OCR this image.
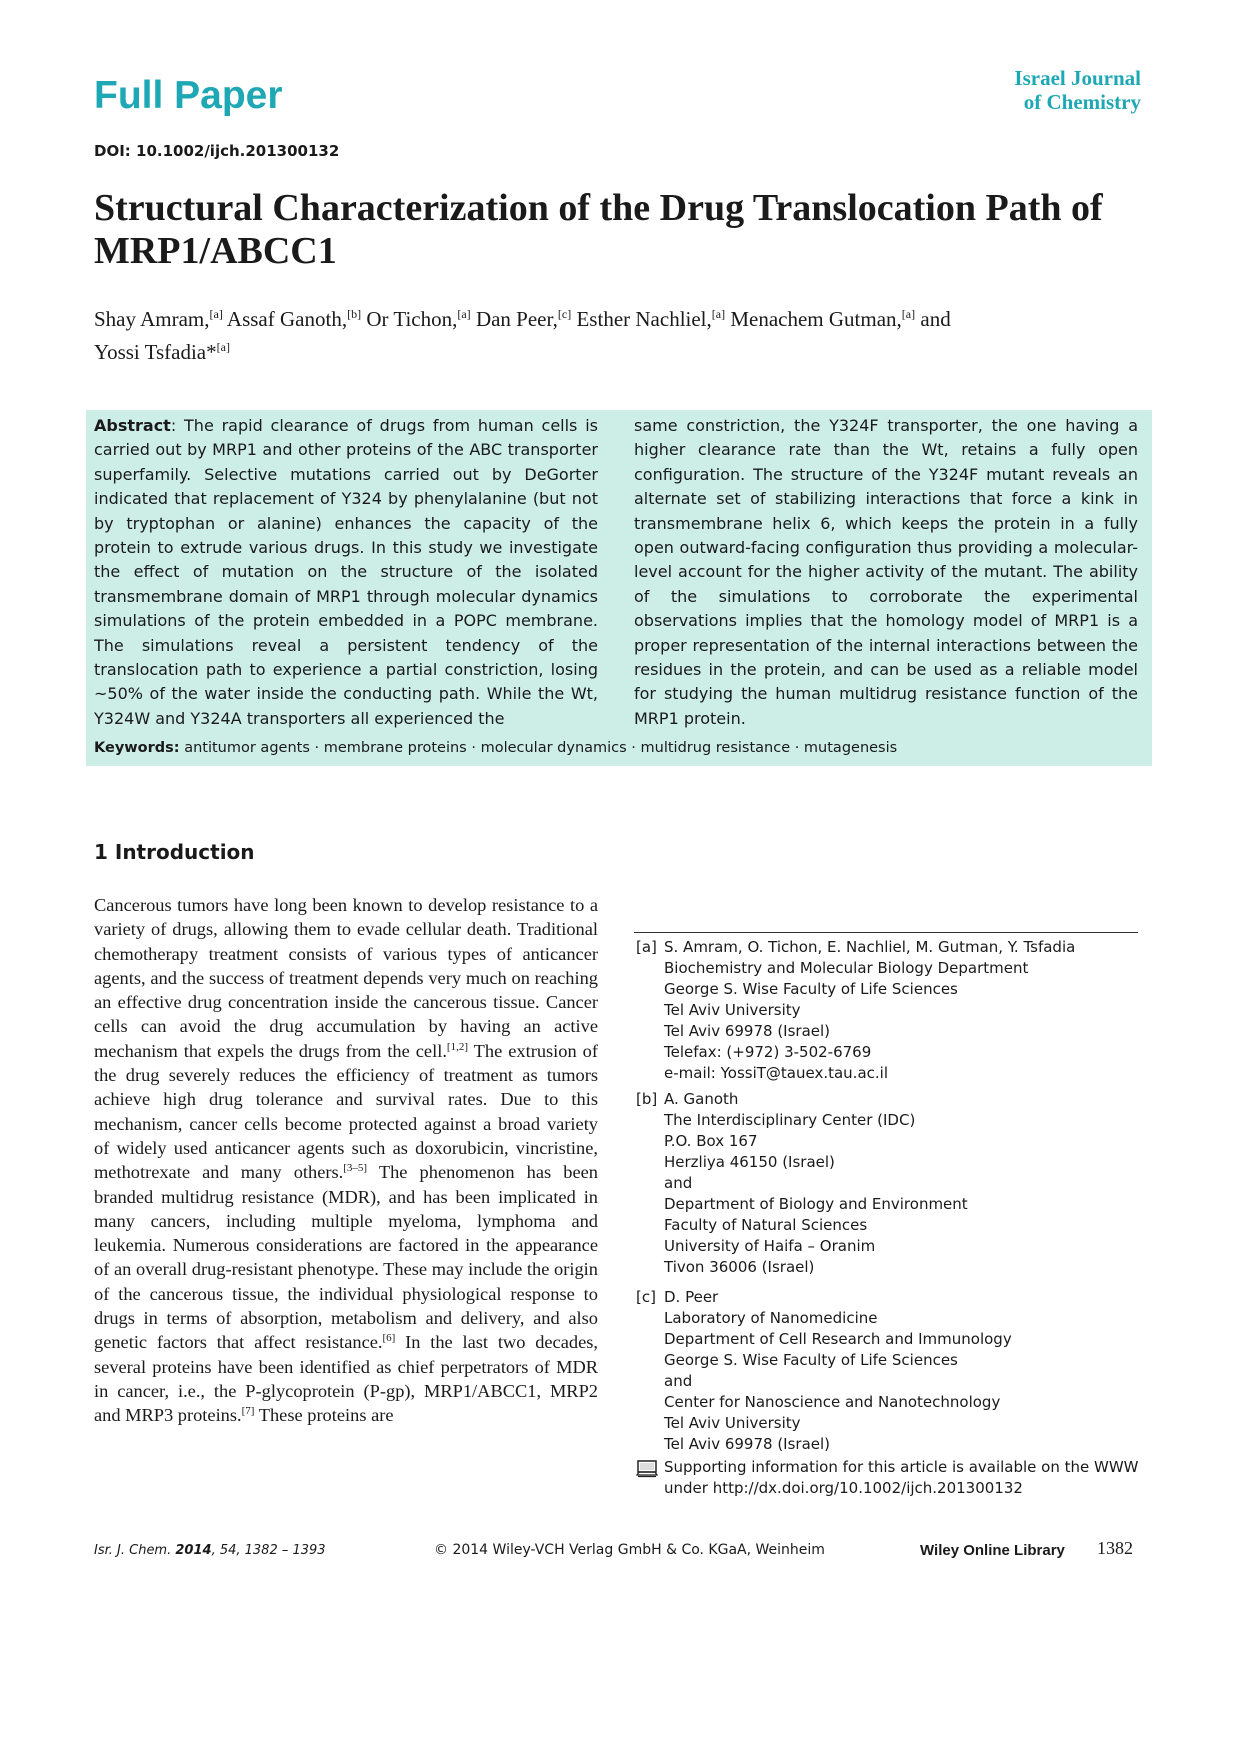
Full Paper	Israel Journal
of Chemistry
DOI: 10.1002/ijch.201300132
Structural Characterization of the Drug Translocation Path of MRP1/ABCC1
Shay Amram,[a] Assaf Ganoth,[b] Or Tichon,[a] Dan Peer,[c] Esther Nachliel,[a] Menachem Gutman,[a] and
Yossi Tsfadia*[a]
Abstract: The rapid clearance of drugs from human cells is carried out by MRP1 and other proteins of the ABC transporter superfamily. Selective mutations carried out by DeGorter indicated that replacement of Y324 by phenylalanine (but not by tryptophan or alanine) enhances the capacity of the protein to extrude various drugs. In this study we investigate the effect of mutation on the structure of the isolated transmembrane domain of MRP1 through molecular dynamics simulations of the protein embedded in a POPC membrane. The simulations reveal a persistent tendency of the translocation path to experience a partial constriction, losing ~50% of the water inside the conducting path. While the Wt, Y324W and Y324A transporters all experienced the
same constriction, the Y324F transporter, the one having a higher clearance rate than the Wt, retains a fully open configuration. The structure of the Y324F mutant reveals an alternate set of stabilizing interactions that force a kink in transmembrane helix 6, which keeps the protein in a fully open outward-facing configuration thus providing a molecular-level account for the higher activity of the mutant. The ability of the simulations to corroborate the experimental observations implies that the homology model of MRP1 is a proper representation of the internal interactions between the residues in the protein, and can be used as a reliable model for studying the human multidrug resistance function of the MRP1 protein.
Keywords: antitumor agents · membrane proteins · molecular dynamics · multidrug resistance · mutagenesis
1 Introduction
Cancerous tumors have long been known to develop resistance to a variety of drugs, allowing them to evade cellular death. Traditional chemotherapy treatment consists of various types of anticancer agents, and the success of treatment depends very much on reaching an effective drug concentration inside the cancerous tissue. Cancer cells can avoid the drug accumulation by having an active mechanism that expels the drugs from the cell.[1,2] The extrusion of the drug severely reduces the efficiency of treatment as tumors achieve high drug tolerance and survival rates. Due to this mechanism, cancer cells become protected against a broad variety of widely used anticancer agents such as doxorubicin, vincristine, methotrexate and many others.[3–5] The phenomenon has been branded multidrug resistance (MDR), and has been implicated in many cancers, including multiple myeloma, lymphoma and leukemia. Numerous considerations are factored in the appearance of an overall drug-resistant phenotype. These may include the origin of the cancerous tissue, the individual physiological response to drugs in terms of absorption, metabolism and delivery, and also genetic factors that affect resistance.[6] In the last two decades, several proteins have been identified as chief perpetrators of MDR in cancer, i.e., the P-glycoprotein (P-gp), MRP1/ABCC1, MRP2 and MRP3 proteins.[7] These proteins are
[a] S. Amram, O. Tichon, E. Nachliel, M. Gutman, Y. Tsfadia
Biochemistry and Molecular Biology Department
George S. Wise Faculty of Life Sciences
Tel Aviv University
Tel Aviv 69978 (Israel)
Telefax: (+972) 3-502-6769
e-mail: YossiT@tauex.tau.ac.il
[b] A. Ganoth
The Interdisciplinary Center (IDC)
P.O. Box 167
Herzliya 46150 (Israel)
and
Department of Biology and Environment
Faculty of Natural Sciences
University of Haifa – Oranim
Tivon 36006 (Israel)
[c] D. Peer
Laboratory of Nanomedicine
Department of Cell Research and Immunology
George S. Wise Faculty of Life Sciences
and
Center for Nanoscience and Nanotechnology
Tel Aviv University
Tel Aviv 69978 (Israel)
Supporting information for this article is available on the WWW
under http://dx.doi.org/10.1002/ijch.201300132
Isr. J. Chem. 2014, 54, 1382 – 1393	© 2014 Wiley-VCH Verlag GmbH & Co. KGaA, Weinheim	Wiley Online Library 1382
